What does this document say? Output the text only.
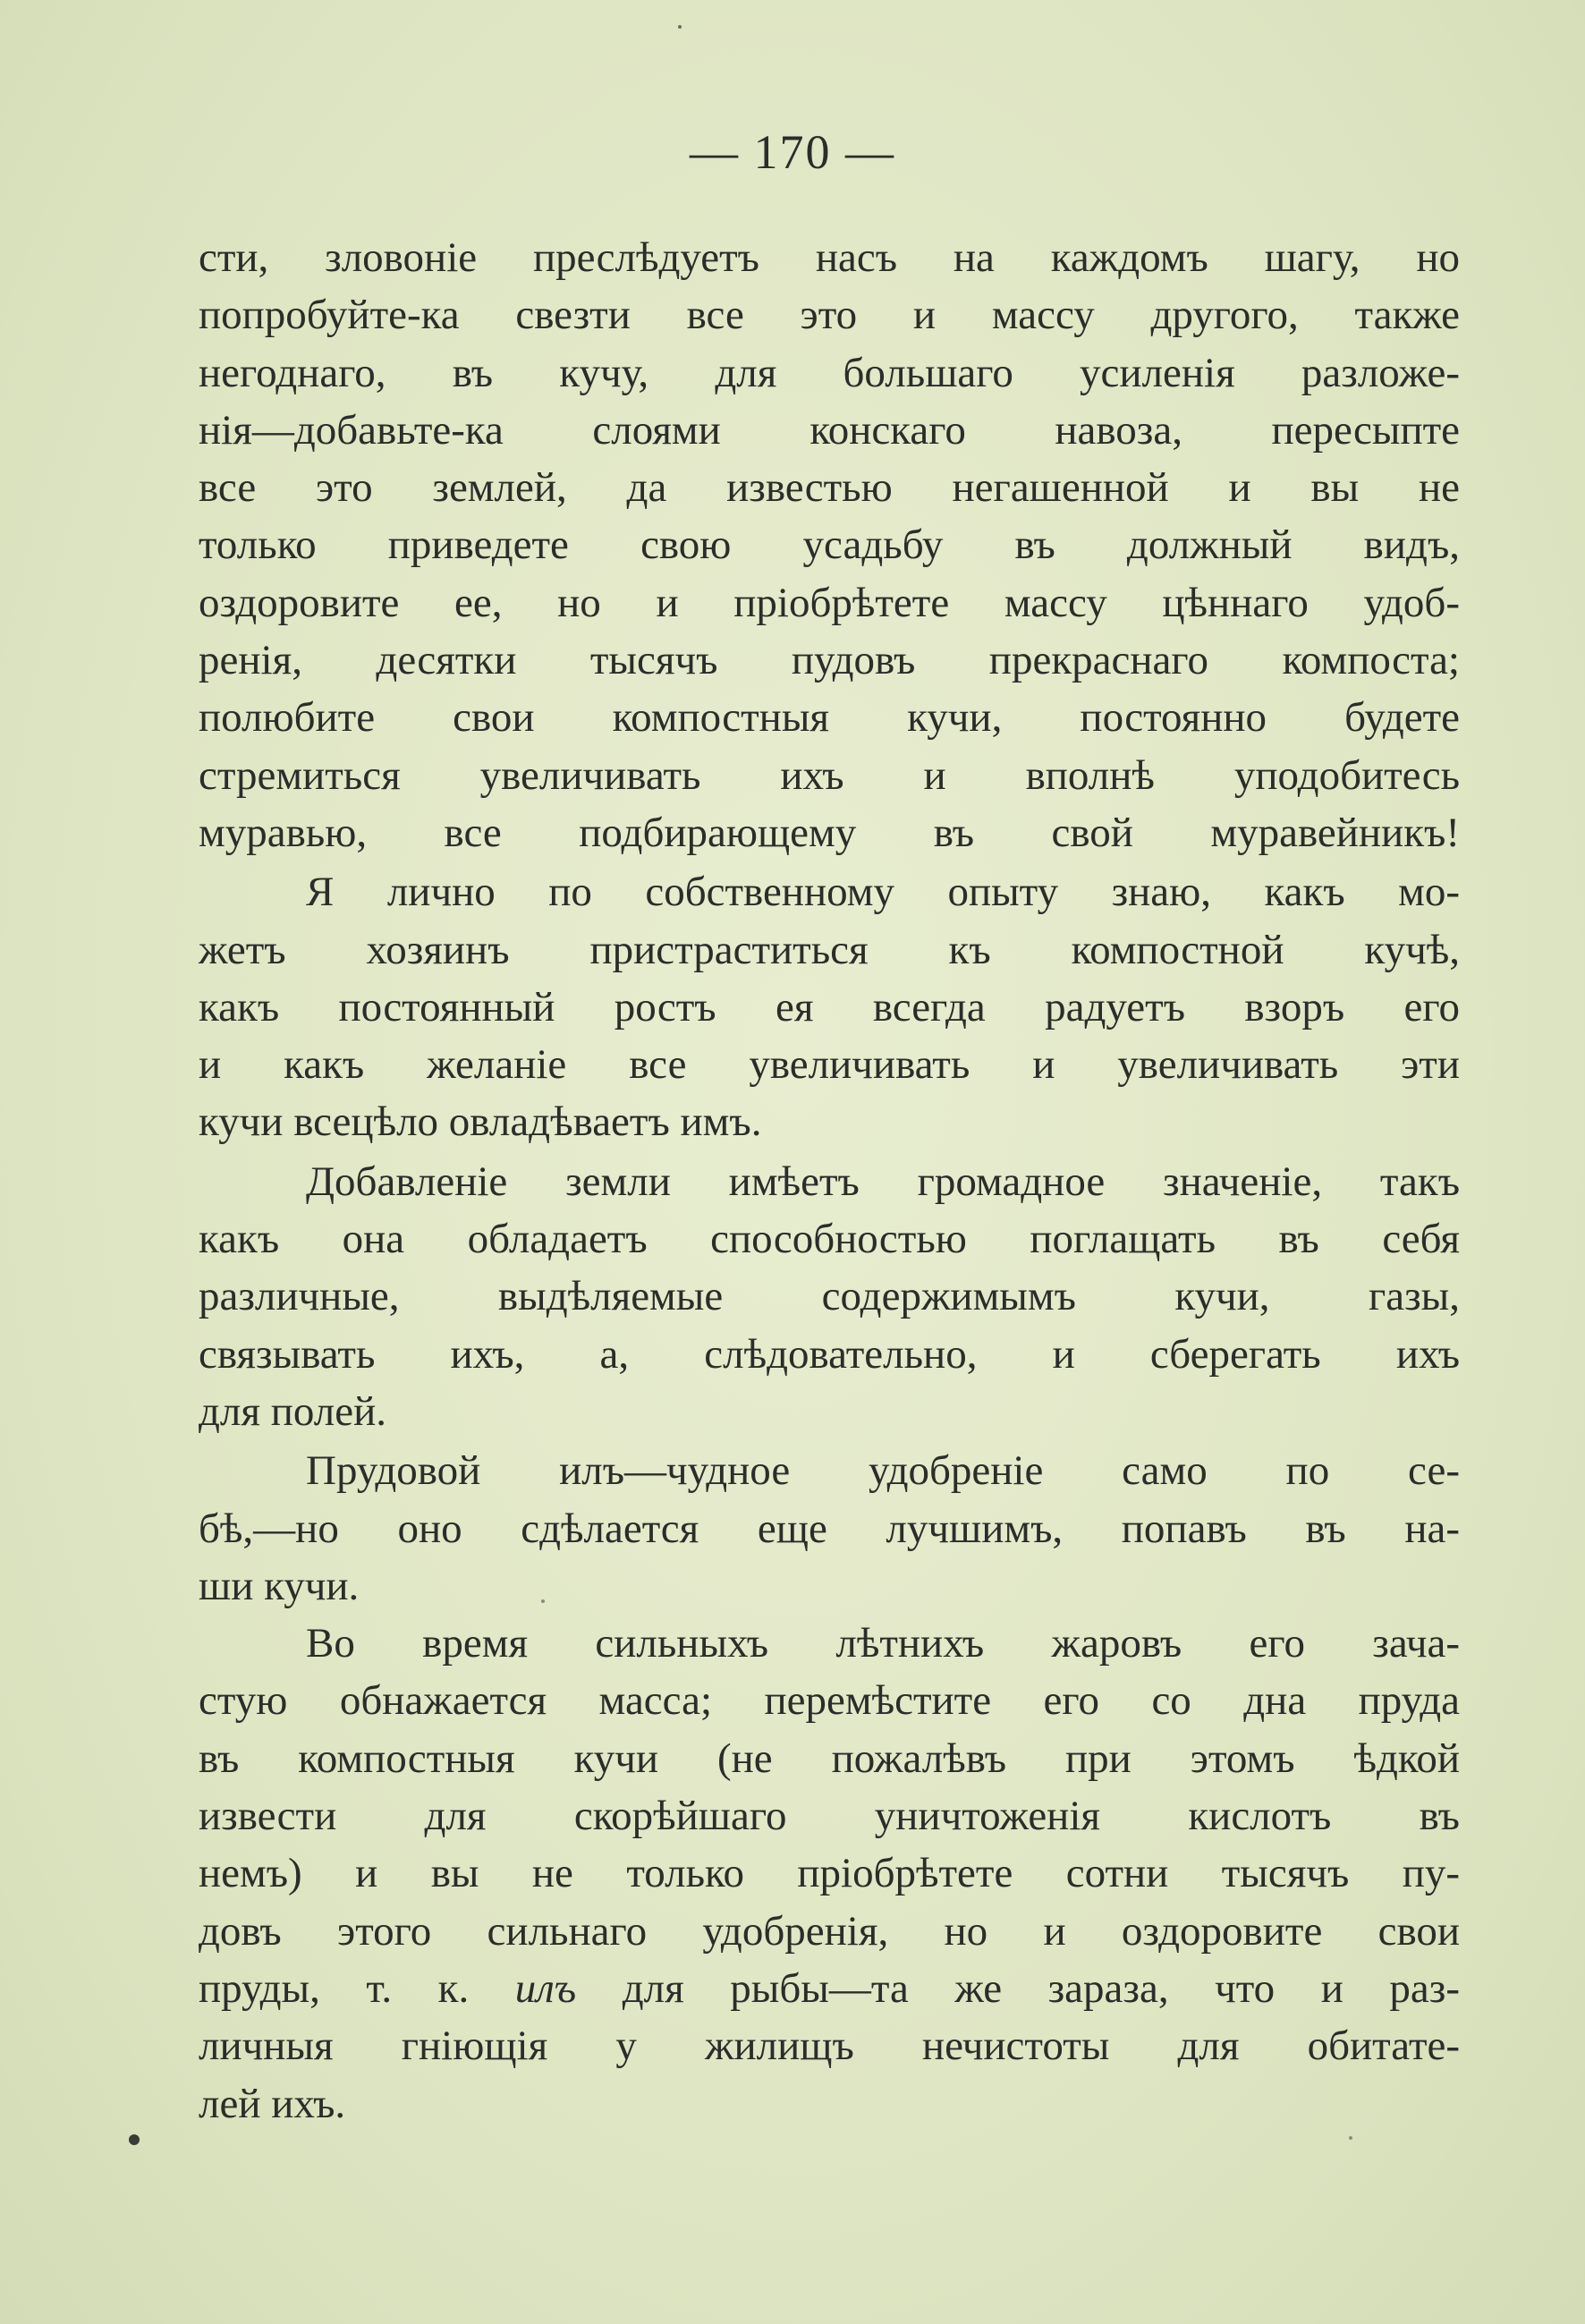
— 170 —

сти, зловоніе преслѣдуетъ насъ на каждомъ шагу, но
попробуйте-ка свезти все это и массу другого, также
негоднаго, въ кучу, для большаго усиленія разложе-
нія—добавьте-ка слоями конскаго навоза, пересыпте
все это землей, да известью негашенной и вы не
только приведете свою усадьбу въ должный видъ,
оздоровите ее, но и пріобрѣтете массу цѣннаго удоб-
ренія, десятки тысячъ пудовъ прекраснаго компоста;
полюбите свои компостныя кучи, постоянно будете
стремиться увеличивать ихъ и вполнѣ уподобитесь
муравью, все подбирающему въ свой муравейникъ!

Я лично по собственному опыту знаю, какъ мо-
жетъ хозяинъ пристраститься къ компостной кучѣ,
какъ постоянный ростъ ея всегда радуетъ взоръ его
и какъ желаніе все увеличивать и увеличивать эти
кучи всецѣло овладѣваетъ имъ.

Добавленіе земли имѣетъ громадное значеніе, такъ
какъ она обладаетъ способностью поглащать въ себя
различные, выдѣляемые содержимымъ кучи, газы,
связывать ихъ, а, слѣдовательно, и сберегать ихъ
для полей.

Прудовой илъ—чудное удобреніе само по се-
бѣ,—но оно сдѣлается еще лучшимъ, попавъ въ на-
ши кучи.

Во время сильныхъ лѣтнихъ жаровъ его зача-
стую обнажается масса; перемѣстите его со дна пруда
въ компостныя кучи (не пожалѣвъ при этомъ ѣдкой
извести для скорѣйшаго уничтоженія кислотъ въ
немъ) и вы не только пріобрѣтете сотни тысячъ пу-
довъ этого сильнаго удобренія, но и оздоровите свои
пруды, т. к. илъ для рыбы—та же зараза, что и раз-
личныя гніющія у жилищъ нечистоты для обитате-
лей ихъ.
